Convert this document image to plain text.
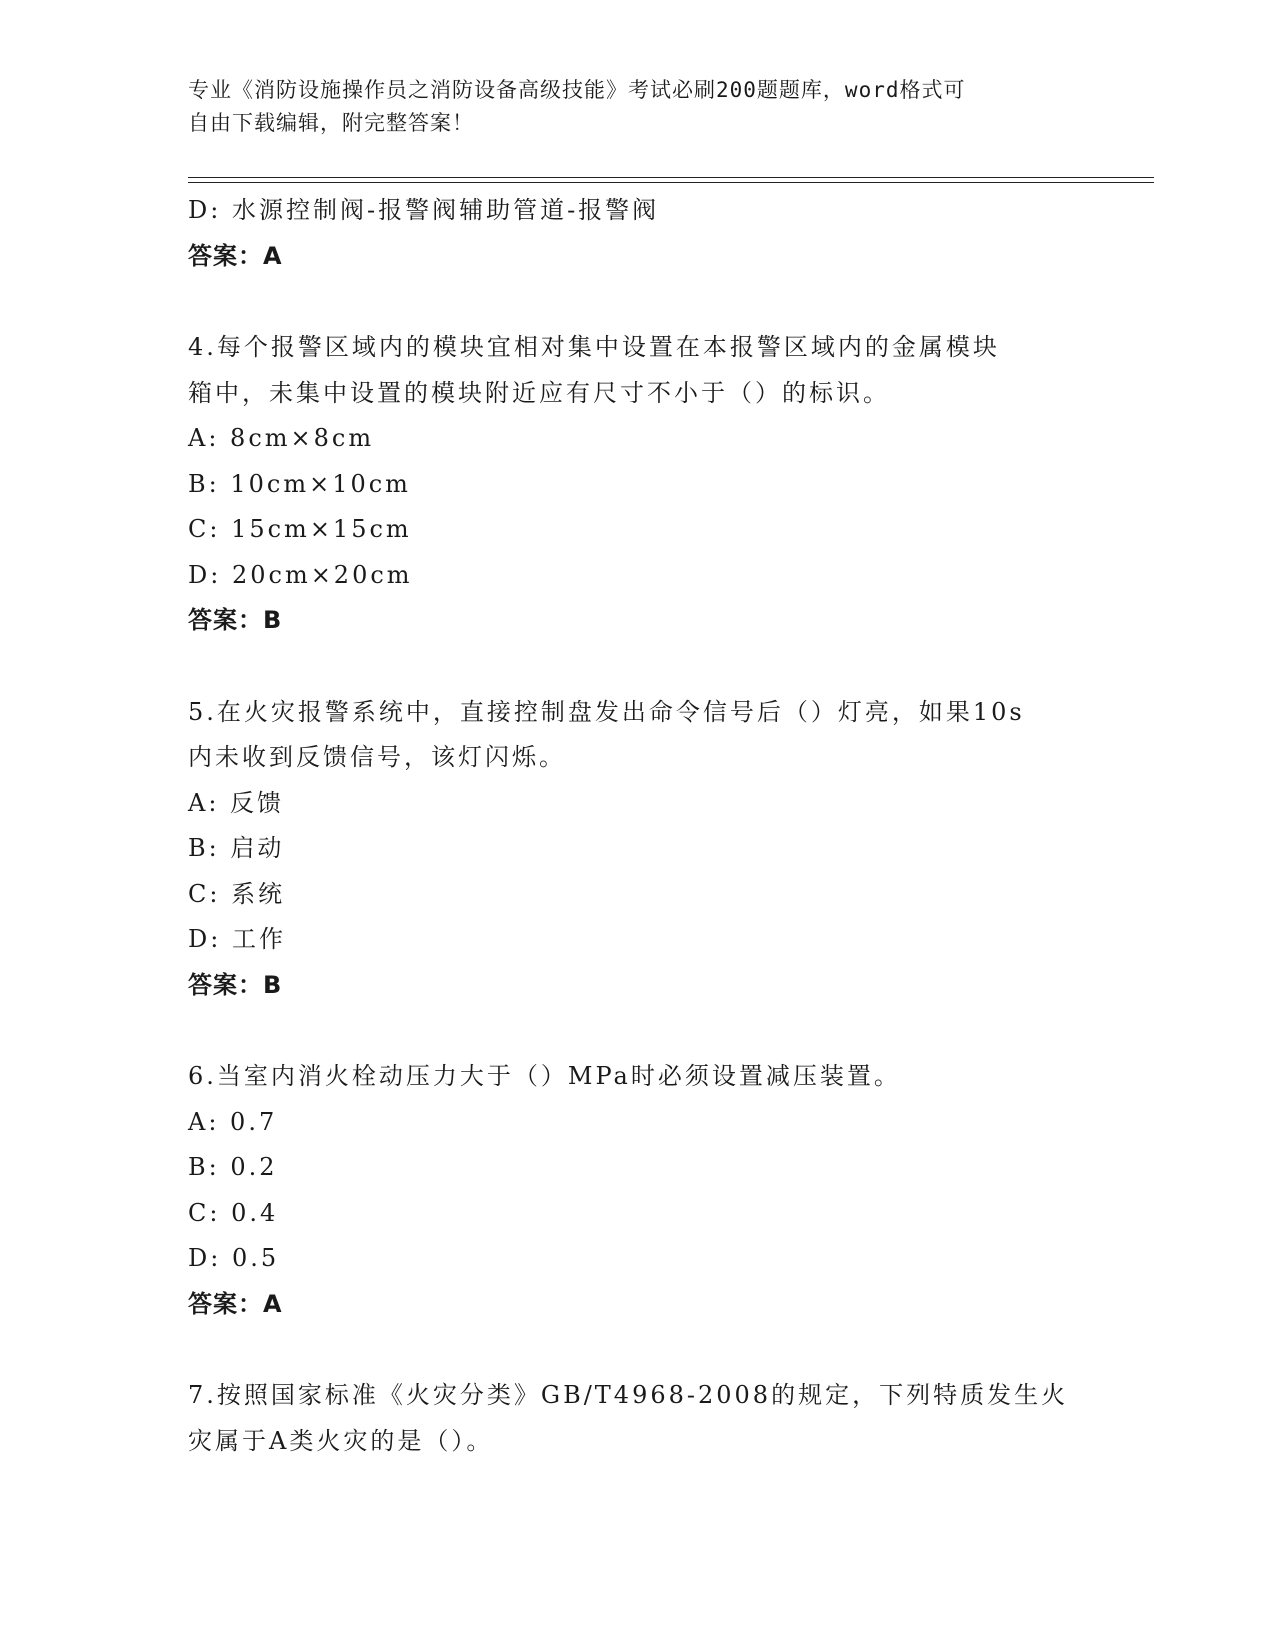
专业《消防设施操作员之消防设备高级技能》考试必刷200题题库，word格式可
自由下载编辑，附完整答案！
D: 水源控制阀-报警阀辅助管道-报警阀
答案：A
4.每个报警区域内的模块宜相对集中设置在本报警区域内的金属模块
箱中，未集中设置的模块附近应有尺寸不小于（）的标识。
A: 8cm×8cm
B: 10cm×10cm
C: 15cm×15cm
D: 20cm×20cm
答案：B
5.在火灾报警系统中，直接控制盘发出命令信号后（）灯亮，如果10s
内未收到反馈信号，该灯闪烁。
A: 反馈
B: 启动
C: 系统
D: 工作
答案：B
6.当室内消火栓动压力大于（）MPa时必须设置减压装置。
A: 0.7
B: 0.2
C: 0.4
D: 0.5
答案：A
7.按照国家标准《火灾分类》GB/T4968-2008的规定，下列特质发生火
灾属于A类火灾的是（）。
